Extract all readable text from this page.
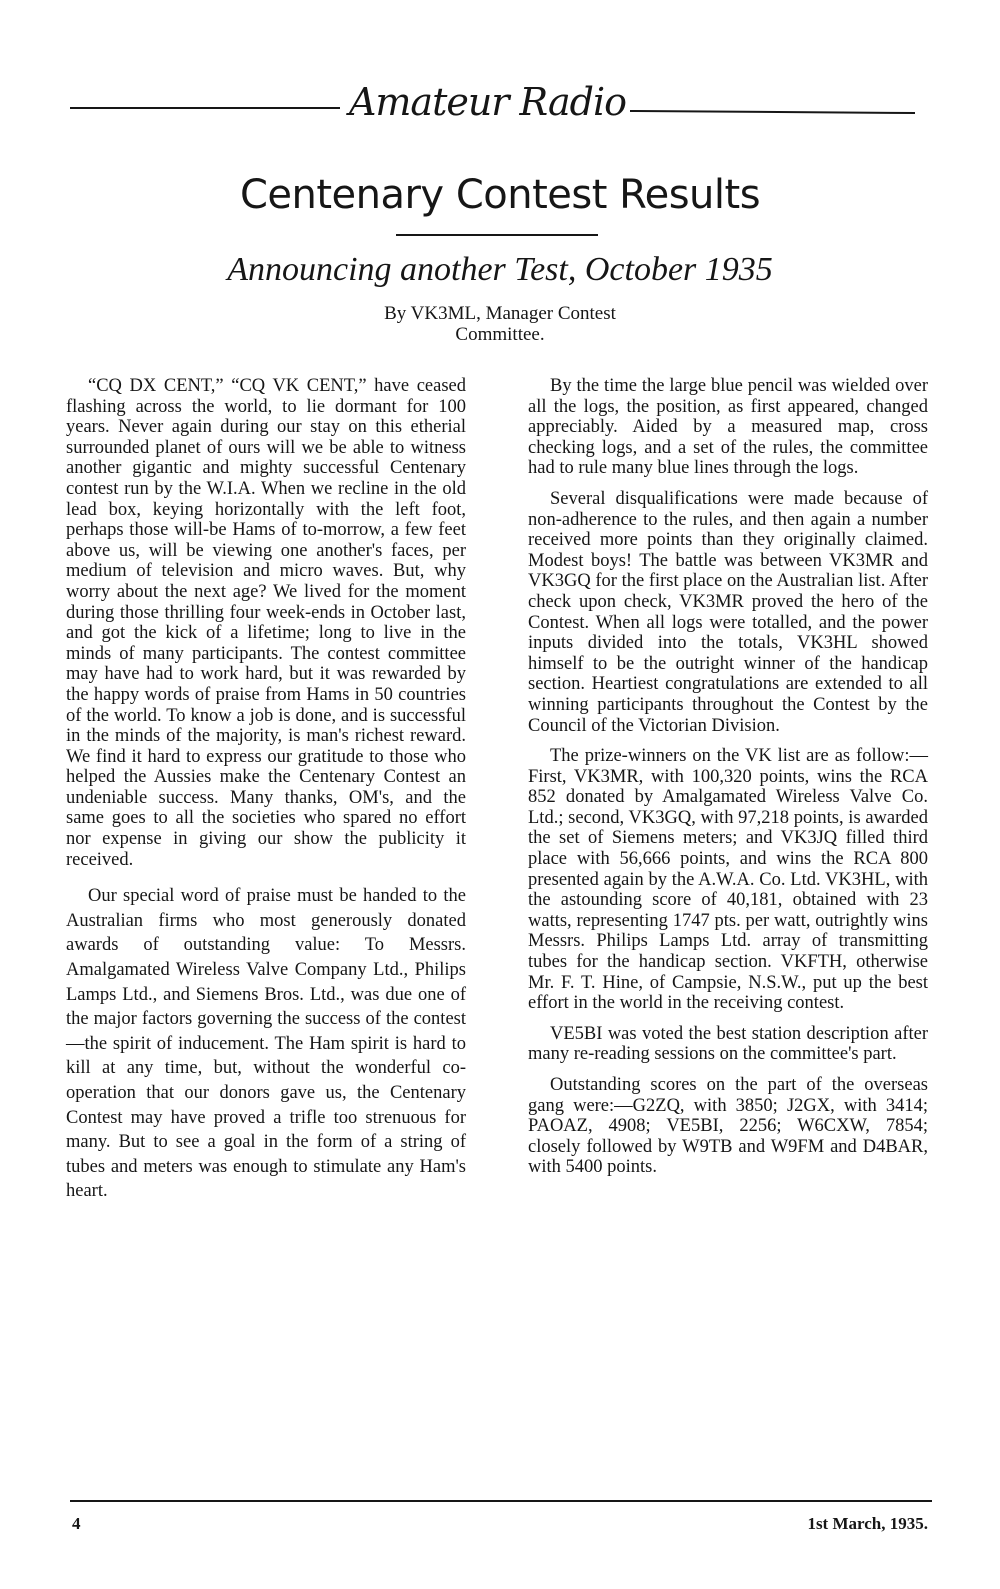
Amateur Radio
Centenary Contest Results
Announcing another Test, October 1935
By VK3ML, Manager Contest
Committee.

“CQ DX CENT,” “CQ VK CENT,” have ceased flashing across the world, to lie dormant for 100 years. Never again during our stay on this etherial surrounded planet of ours will we be able to witness another gigantic and mighty successful Centenary contest run by the W.I.A. When we recline in the old lead box, keying horizontally with the left foot, perhaps those will-be Hams of to-morrow, a few feet above us, will be viewing one another's faces, per medium of television and micro waves. But, why worry about the next age? We lived for the moment during those thrilling four week-ends in October last, and got the kick of a lifetime; long to live in the minds of many participants. The contest committee may have had to work hard, but it was rewarded by the happy words of praise from Hams in 50 countries of the world. To know a job is done, and is successful in the minds of the majority, is man's richest reward. We find it hard to express our gratitude to those who helped the Aussies make the Centenary Contest an undeniable success. Many thanks, OM's, and the same goes to all the societies who spared no effort nor expense in giving our show the publicity it received.

Our special word of praise must be handed to the Australian firms who most generously donated awards of outstanding value: To Messrs. Amalgamated Wireless Valve Company Ltd., Philips Lamps Ltd., and Siemens Bros. Ltd., was due one of the major factors governing the success of the contest—the spirit of inducement. The Ham spirit is hard to kill at any time, but, without the wonderful co-operation that our donors gave us, the Centenary Contest may have proved a trifle too strenuous for many. But to see a goal in the form of a string of tubes and meters was enough to stimulate any Ham's heart.

By the time the large blue pencil was wielded over all the logs, the position, as first appeared, changed appreciably. Aided by a measured map, cross checking logs, and a set of the rules, the committee had to rule many blue lines through the logs.

Several disqualifications were made because of non-adherence to the rules, and then again a number received more points than they originally claimed. Modest boys! The battle was between VK3MR and VK3GQ for the first place on the Australian list. After check upon check, VK3MR proved the hero of the Contest. When all logs were totalled, and the power inputs divided into the totals, VK3HL showed himself to be the outright winner of the handicap section. Heartiest congratulations are extended to all winning participants throughout the Contest by the Council of the Victorian Division.

The prize-winners on the VK list are as follow:—First, VK3MR, with 100,320 points, wins the RCA 852 donated by Amalgamated Wireless Valve Co. Ltd.; second, VK3GQ, with 97,218 points, is awarded the set of Siemens meters; and VK3JQ filled third place with 56,666 points, and wins the RCA 800 presented again by the A.W.A. Co. Ltd. VK3HL, with the astounding score of 40,181, obtained with 23 watts, representing 1747 pts. per watt, outrightly wins Messrs. Philips Lamps Ltd. array of transmitting tubes for the handicap section. VKFTH, otherwise Mr. F. T. Hine, of Campsie, N.S.W., put up the best effort in the world in the receiving contest.

VE5BI was voted the best station description after many re-reading sessions on the committee's part.

Outstanding scores on the part of the overseas gang were:—G2ZQ, with 3850; J2GX, with 3414; PAOAZ, 4908; VE5BI, 2256; W6CXW, 7854; closely followed by W9TB and W9FM and D4BAR, with 5400 points.

4	1st March, 1935.
